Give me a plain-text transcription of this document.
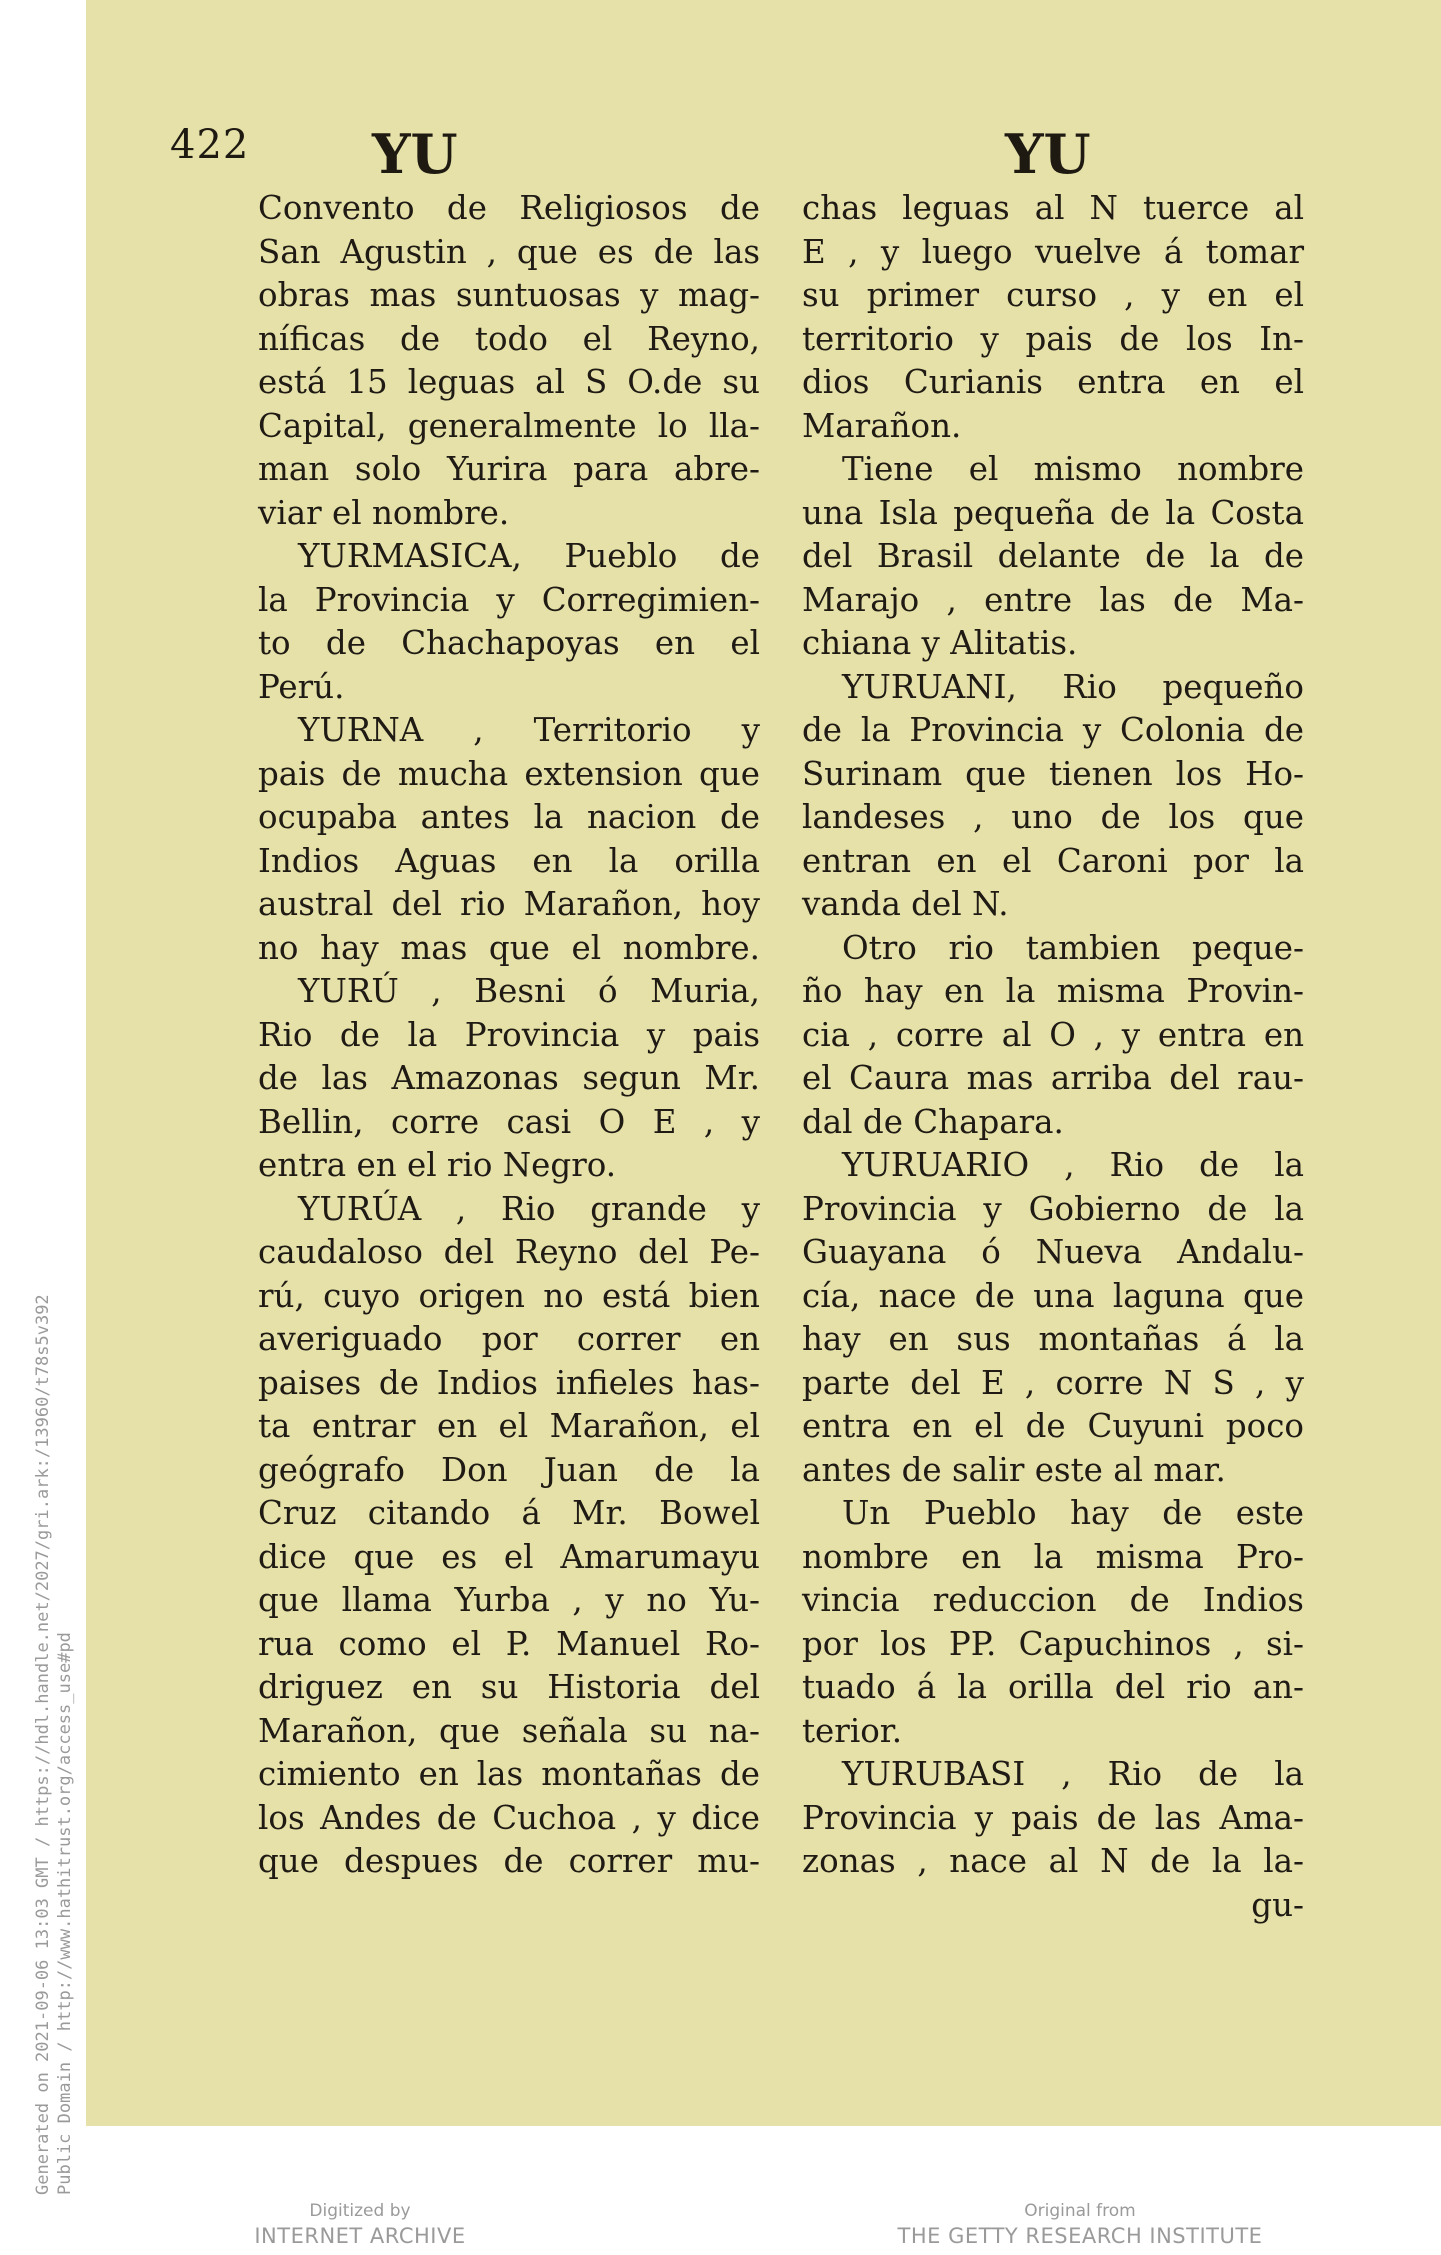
422 YU	YU
Convento de Religiosos de
San Agustin , que es de las
obras mas suntuosas y mag-
níficas de todo el Reyno,
está 15 leguas al S O.de su
Capital, generalmente lo lla-
man solo Yurira para abre-
viar el nombre.
YURMASICA, Pueblo de
la Provincia y Corregimien-
to de Chachapoyas en el
Perú.
YURNA , Territorio y
pais de mucha extension que
ocupaba antes la nacion de
Indios Aguas en la orilla
austral del rio Marañon, hoy
no hay mas que el nombre.
YURÚ , Besni ó Muria,
Rio de la Provincia y pais
de las Amazonas segun Mr.
Bellin, corre casi O E , y
entra en el rio Negro.
YURÚA , Rio grande y
caudaloso del Reyno del Pe-
rú, cuyo origen no está bien
averiguado por correr en
paises de Indios infieles has-
ta entrar en el Marañon, el
geógrafo Don Juan de la
Cruz citando á Mr. Bowel
dice que es el Amarumayu
que llama Yurba , y no Yu-
rua como el P. Manuel Ro-
driguez en su Historia del
Marañon, que señala su na-
cimiento en las montañas de
los Andes de Cuchoa , y dice
que despues de correr mu-
chas leguas al N tuerce al
E , y luego vuelve á tomar
su primer curso , y en el
territorio y pais de los In-
dios Curianis entra en el
Marañon.
Tiene el mismo nombre
una Isla pequeña de la Costa
del Brasil delante de la de
Marajo , entre las de Ma-
chiana y Alitatis.
YURUANI, Rio pequeño
de la Provincia y Colonia de
Surinam que tienen los Ho-
landeses , uno de los que
entran en el Caroni por la
vanda del N.
Otro rio tambien peque-
ño hay en la misma Provin-
cia , corre al O , y entra en
el Caura mas arriba del rau-
dal de Chapara.
YURUARIO , Rio de la
Provincia y Gobierno de la
Guayana ó Nueva Andalu-
cía, nace de una laguna que
hay en sus montañas á la
parte del E , corre N S , y
entra en el de Cuyuni poco
antes de salir este al mar.
Un Pueblo hay de este
nombre en la misma Pro-
vincia reduccion de Indios
por los PP. Capuchinos , si-
tuado á la orilla del rio an-
terior.
YURUBASI , Rio de la
Provincia y pais de las Ama-
zonas , nace al N de la la-
gu-
Generated on 2021-09-06 13:03 GMT / https://hdl.handle.net/2027/gri.ark:/13960/t78s5v392 Public Domain / http://www.hathitrust.org/access_use#pd
Digitized by
INTERNET ARCHIVE
Original from
THE GETTY RESEARCH INSTITUTE
